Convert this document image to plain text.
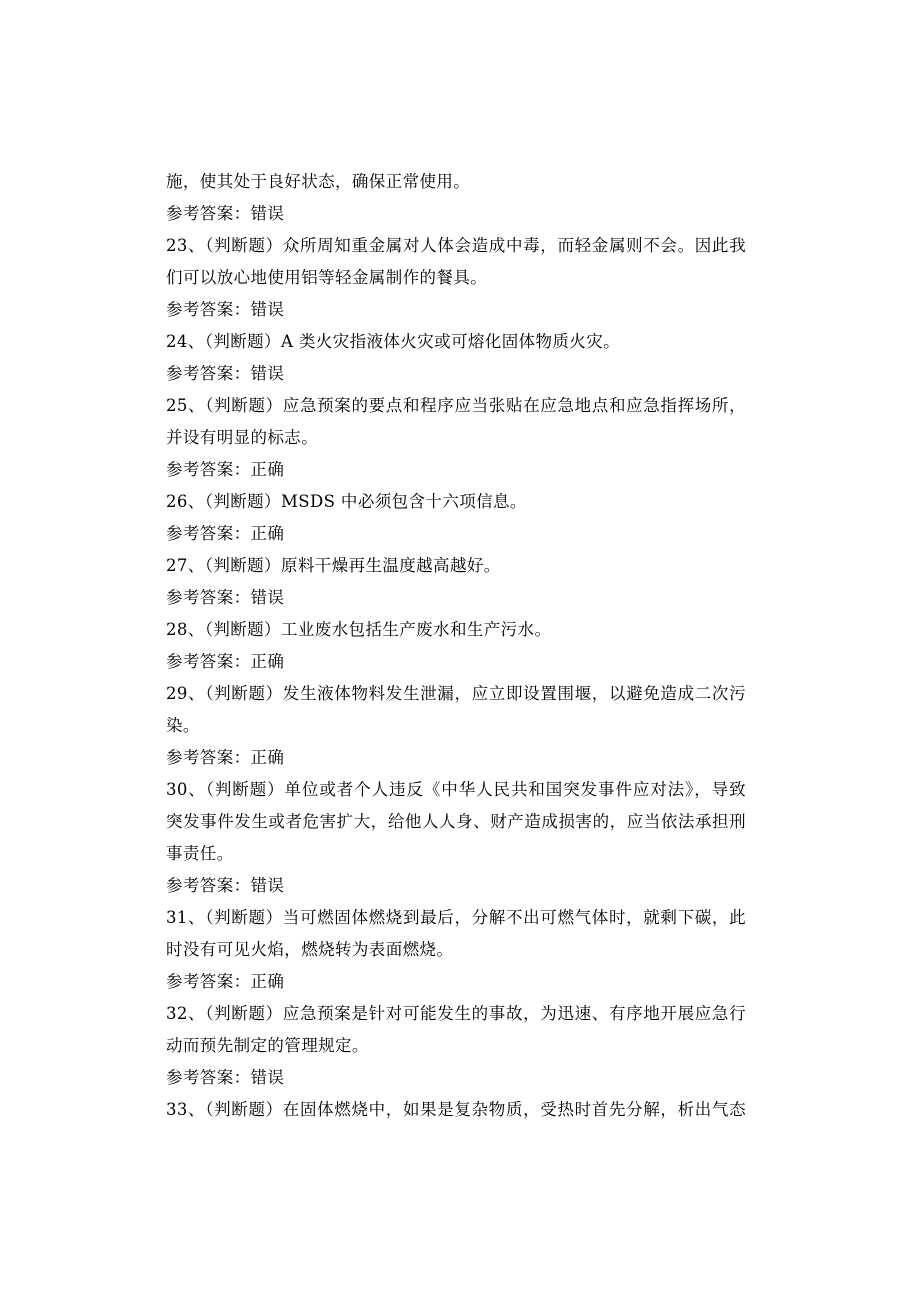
施，使其处于良好状态，确保正常使用。
参考答案：错误
23、（判断题）众所周知重金属对人体会造成中毒，而轻金属则不会。因此我
们可以放心地使用铝等轻金属制作的餐具。
参考答案：错误
24、（判断题）A 类火灾指液体火灾或可熔化固体物质火灾。
参考答案：错误
25、（判断题）应急预案的要点和程序应当张贴在应急地点和应急指挥场所，
并设有明显的标志。
参考答案：正确
26、（判断题）MSDS 中必须包含十六项信息。
参考答案：正确
27、（判断题）原料干燥再生温度越高越好。
参考答案：错误
28、（判断题）工业废水包括生产废水和生产污水。
参考答案：正确
29、（判断题）发生液体物料发生泄漏，应立即设置围堰，以避免造成二次污
染。
参考答案：正确
30、（判断题）单位或者个人违反《中华人民共和国突发事件应对法》，导致
突发事件发生或者危害扩大，给他人人身、财产造成损害的，应当依法承担刑
事责任。
参考答案：错误
31、（判断题）当可燃固体燃烧到最后，分解不出可燃气体时，就剩下碳，此
时没有可见火焰，燃烧转为表面燃烧。
参考答案：正确
32、（判断题）应急预案是针对可能发生的事故，为迅速、有序地开展应急行
动而预先制定的管理规定。
参考答案：错误
33、（判断题）在固体燃烧中，如果是复杂物质，受热时首先分解，析出气态
